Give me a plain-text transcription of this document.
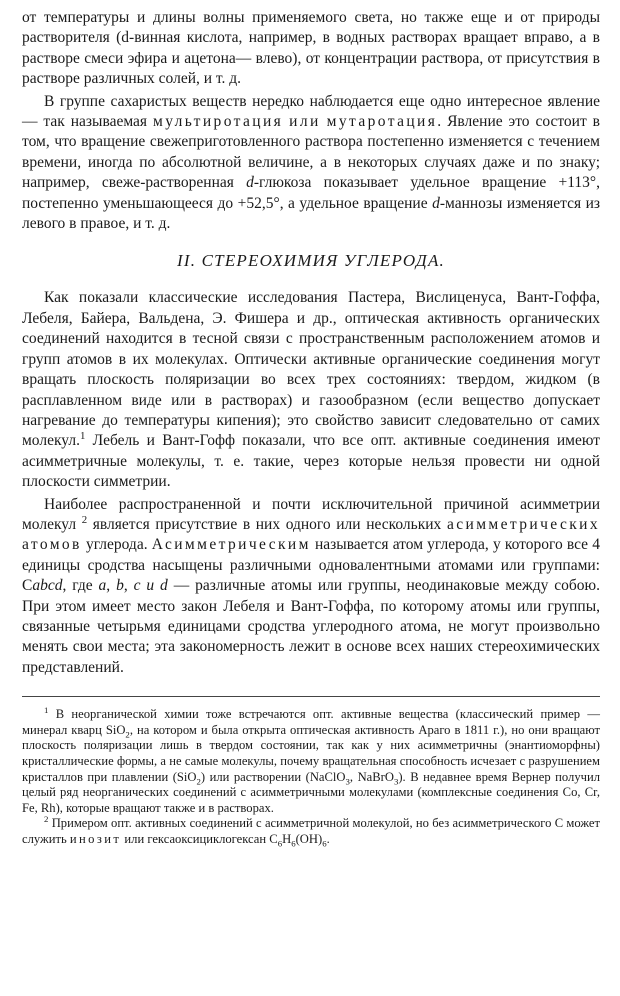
от температуры и длины волны применяемого света, но также еще и от природы растворителя (d-винная кислота, например, в водных растворах вращает вправо, а в растворе смеси эфира и ацетона— влево), от концентрации раствора, от присутствия в растворе различных солей, и т. д.

В группе сахаристых веществ нередко наблюдается еще одно интересное явление — так называемая мультиротация или мутаротация. Явление это состоит в том, что вращение свежеприготовленного раствора постепенно изменяется с течением времени, иногда по абсолютной величине, а в некоторых случаях даже и по знаку; например, свеже-растворенная d-глюкоза показывает удельное вращение +113°, постепенно уменьшающееся до +52,5°, а удельное вращение d-маннозы изменяется из левого в правое, и т. д.

II. СТЕРЕОХИМИЯ УГЛЕРОДА.

Как показали классические исследования Пастера, Вислиценуса, Вант-Гоффа, Лебеля, Байера, Вальдена, Э. Фишера и др., оптическая активность органических соединений находится в тесной связи с пространственным расположением атомов и групп атомов в их молекулах. Оптически активные органические соединения могут вращать плоскость поляризации во всех трех состояниях: твердом, жидком (в расплавленном виде или в растворах) и газообразном (если вещество допускает нагревание до температуры кипения); это свойство зависит следовательно от самих молекул.$^1$ Лебель и Вант-Гофф показали, что все опт. активные соединения имеют асимметричные молекулы, т. е. такие, через которые нельзя провести ни одной плоскости симметрии.

Наиболее распространенной и почти исключительной причиной асимметрии молекул $^2$ является присутствие в них одного или нескольких асимметрических атомов углерода. Асимметрическим называется атом углерода, у которого все 4 единицы сродства насыщены различными одновалентными атомами или группами: Cabcd, где a, b, c и d — различные атомы или группы, неодинаковые между собою. При этом имеет место закон Лебеля и Вант-Гоффа, по которому атомы или группы, связанные четырьмя единицами сродства углеродного атома, не могут произвольно менять свои места; эта закономерность лежит в основе всех наших стереохимических представлений.

$^1$ В неорганической химии тоже встречаются опт. активные вещества (классический пример — минерал кварц SiO$_2$, на котором и была открыта оптическая активность Араго в 1811 г.), но они вращают плоскость поляризации лишь в твердом состоянии, так как у них асимметричны (энантиоморфны) кристаллические формы, а не самые молекулы, почему вращательная способность исчезает с разрушением кристаллов при плавлении (SiO$_2$) или растворении (NaClO$_3$, NaBrO$_3$). В недавнее время Вернер получил целый ряд неорганических соединений с асимметричными молекулами (комплексные соединения Co, Cr, Fe, Rh), которые вращают также и в растворах.

$^2$ Примером опт. активных соединений с асимметричной молекулой, но без асимметрического C может служить инозит или гексаоксициклогексан $C_6H_6(OH)_6$.
